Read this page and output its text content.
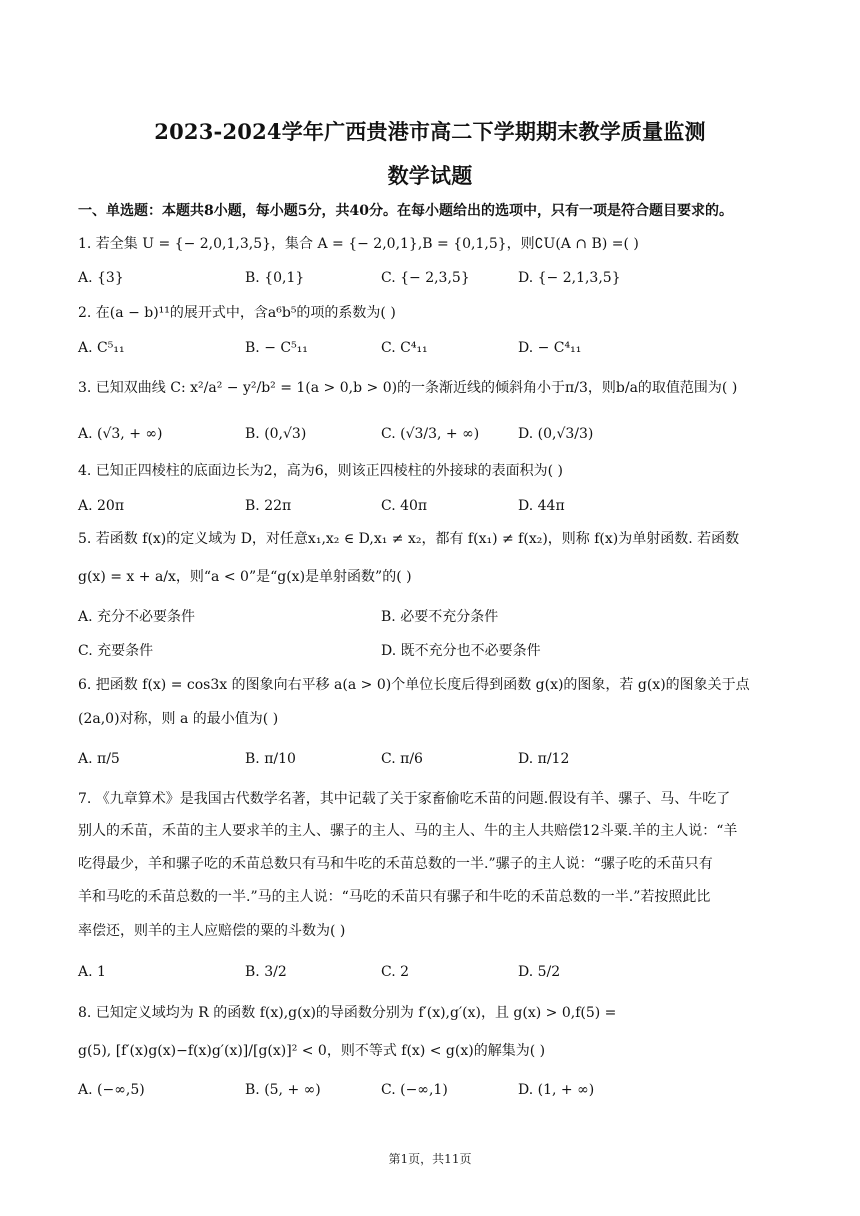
2023-2024学年广西贵港市高二下学期期末教学质量监测
数学试题
一、单选题：本题共8小题，每小题5分，共40分。在每小题给出的选项中，只有一项是符合题目要求的。
1. 若全集 U = {− 2,0,1,3,5}，集合 A = {− 2,0,1},B = {0,1,5}，则∁U(A ∩ B) =( )
A. {3}	B. {0,1}	C. {− 2,3,5}	D. {− 2,1,3,5}
2. 在(a − b)¹¹的展开式中，含a⁶b⁵的项的系数为( )
A. C⁵₁₁	B. − C⁵₁₁	C. C⁴₁₁	D. − C⁴₁₁
3. 已知双曲线 C: x²/a² − y²/b² = 1(a > 0,b > 0)的一条渐近线的倾斜角小于π/3，则b/a的取值范围为( )
A. (√3, + ∞)	B. (0,√3)	C. (√3/3, + ∞)	D. (0,√3/3)
4. 已知正四棱柱的底面边长为2，高为6，则该正四棱柱的外接球的表面积为( )
A. 20π	B. 22π	C. 40π	D. 44π
5. 若函数 f(x)的定义域为 D，对任意x₁,x₂ ∈ D,x₁ ≠ x₂，都有 f(x₁) ≠ f(x₂)，则称 f(x)为单射函数. 若函数
g(x) = x + a/x，则“a < 0”是“g(x)是单射函数”的( )
A. 充分不必要条件	B. 必要不充分条件
C. 充要条件	D. 既不充分也不必要条件
6. 把函数 f(x) = cos3x 的图象向右平移 a(a > 0)个单位长度后得到函数 g(x)的图象，若 g(x)的图象关于点
(2a,0)对称，则 a 的最小值为( )
A. π/5	B. π/10	C. π/6	D. π/12
7. 《九章算术》是我国古代数学名著，其中记载了关于家畜偷吃禾苗的问题.假设有羊、骡子、马、牛吃了
别人的禾苗，禾苗的主人要求羊的主人、骡子的主人、马的主人、牛的主人共赔偿12斗粟.羊的主人说：“羊
吃得最少，羊和骡子吃的禾苗总数只有马和牛吃的禾苗总数的一半.”骡子的主人说：“骡子吃的禾苗只有
羊和马吃的禾苗总数的一半.”马的主人说：“马吃的禾苗只有骡子和牛吃的禾苗总数的一半.”若按照此比
率偿还，则羊的主人应赔偿的粟的斗数为( )
A. 1	B. 3/2	C. 2	D. 5/2
8. 已知定义域均为 R 的函数 f(x),g(x)的导函数分别为 f′(x),g′(x)，且 g(x) > 0,f(5) =
g(5), [f′(x)g(x)−f(x)g′(x)]/[g(x)]² < 0，则不等式 f(x) < g(x)的解集为( )
A. (−∞,5)	B. (5, + ∞)	C. (−∞,1)	D. (1, + ∞)
第1页，共11页
